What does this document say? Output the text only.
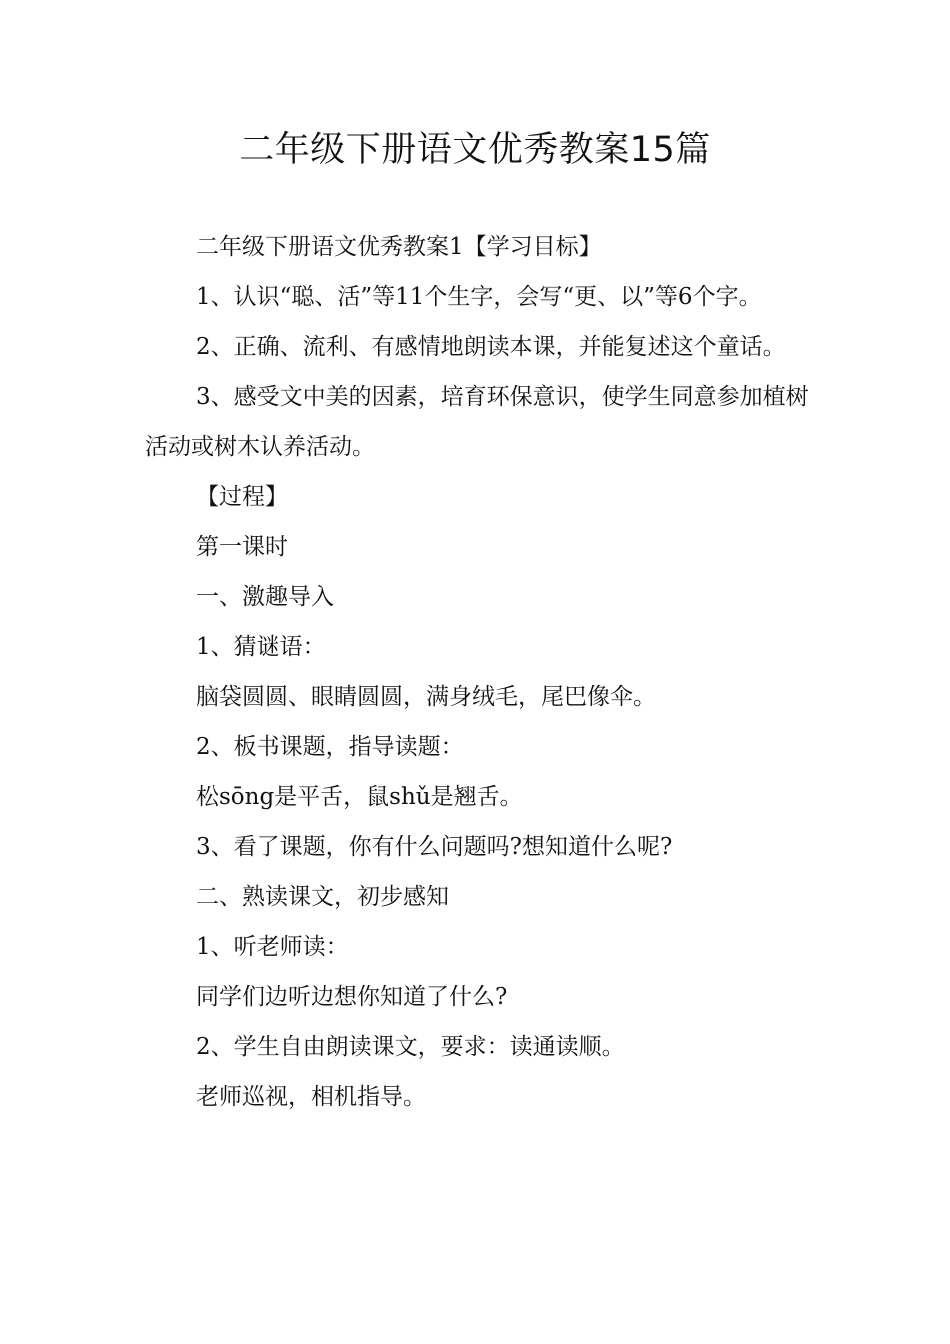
二年级下册语文优秀教案15篇

二年级下册语文优秀教案1【学习目标】

1、认识“聪、活”等11个生字，会写“更、以”等6个字。

2、正确、流利、有感情地朗读本课，并能复述这个童话。

3、感受文中美的因素，培育环保意识，使学生同意参加植树活动或树木认养活动。

【过程】

第一课时

一、激趣导入

1、猜谜语：

脑袋圆圆、眼睛圆圆，满身绒毛，尾巴像伞。

2、板书课题，指导读题：

松sōng是平舌，鼠shǔ是翘舌。

3、看了课题，你有什么问题吗?想知道什么呢?

二、熟读课文，初步感知

1、听老师读：

同学们边听边想你知道了什么?

2、学生自由朗读课文，要求：读通读顺。

老师巡视，相机指导。
